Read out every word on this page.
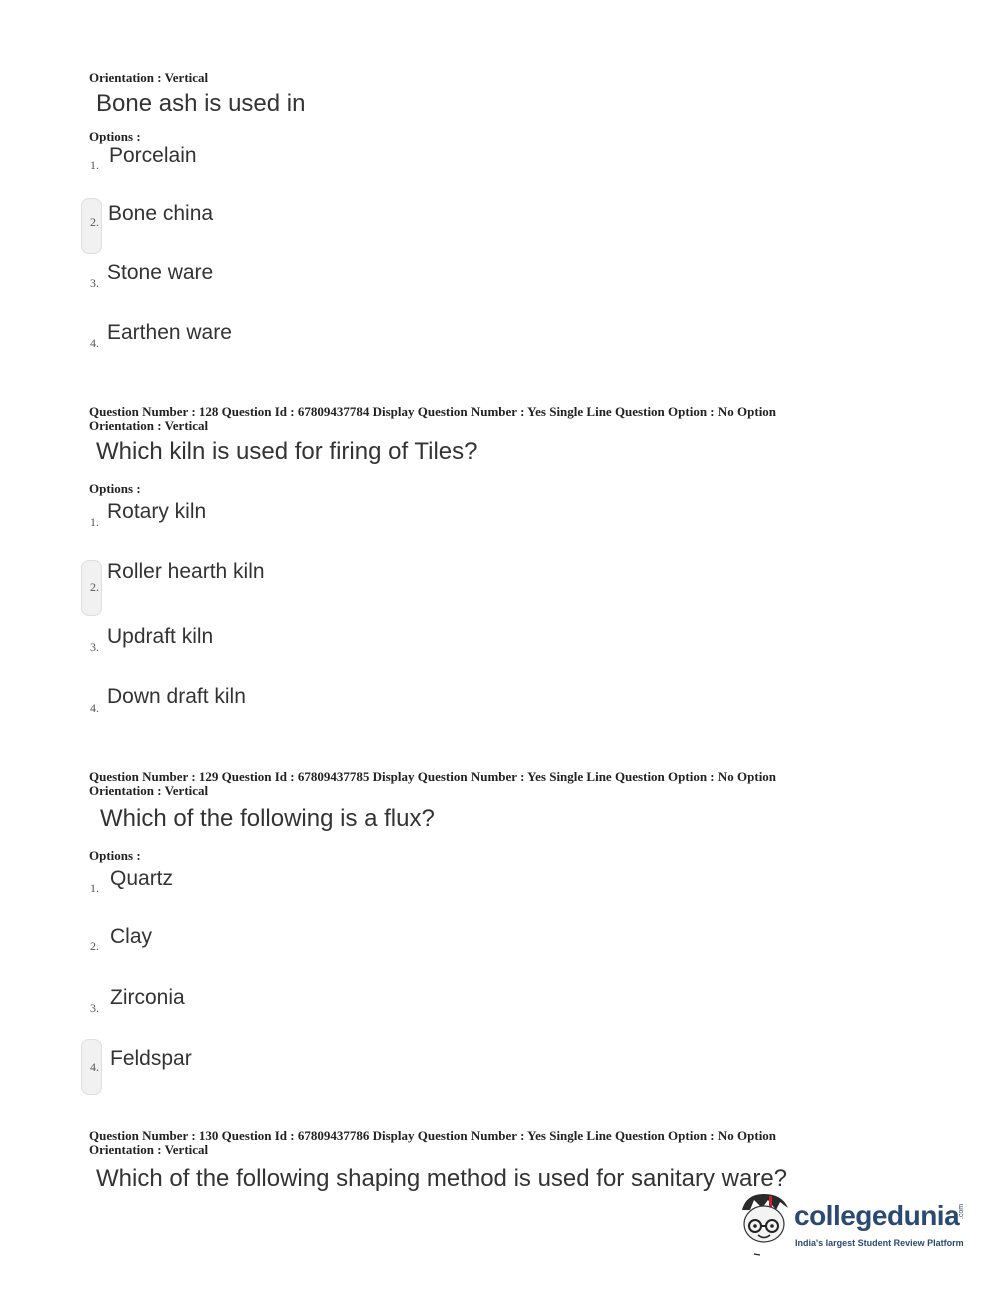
Orientation : Vertical
Bone ash is used in
Options :
1. Porcelain
2. Bone china
3. Stone ware
4. Earthen ware
Question Number : 128 Question Id : 67809437784 Display Question Number : Yes Single Line Question Option : No Option
Orientation : Vertical
Which kiln is used for firing of Tiles?
Options :
1. Rotary kiln
2.
Roller hearth kiln
3. Updraft kiln
4. Down draft kiln
Question Number : 129 Question Id : 67809437785 Display Question Number : Yes Single Line Question Option : No Option
Orientation : Vertical
Which of the following is a flux?
Options :
1. Quartz
2. Clay
3. Zirconia
4. Feldspar
Question Number : 130 Question Id : 67809437786 Display Question Number : Yes Single Line Question Option : No Option
Orientation : Vertical
Which of the following shaping method is used for sanitary ware?
collegedunia
.com
India's largest Student Review Platform
